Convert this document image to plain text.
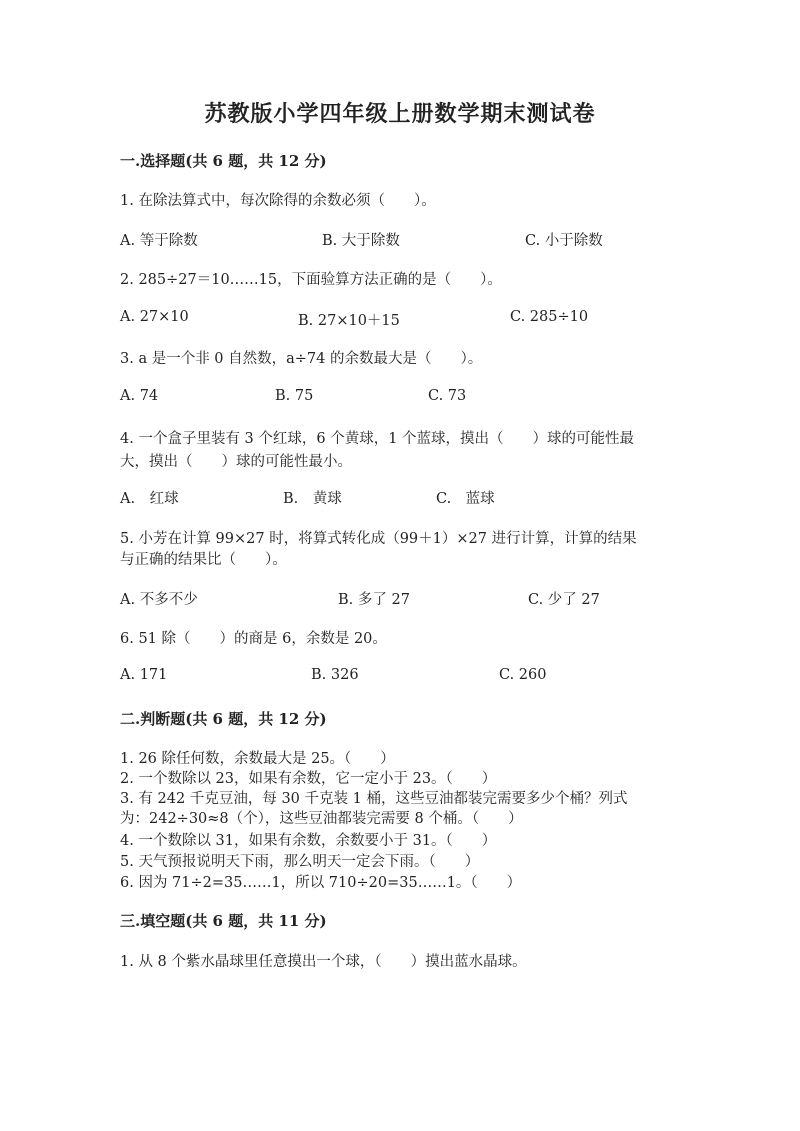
苏教版小学四年级上册数学期末测试卷

一.选择题(共 6 题，共 12 分)

1. 在除法算式中，每次除得的余数必须（　　）。

A. 等于除数	B. 大于除数	C. 小于除数

2. 285÷27＝10……15，下面验算方法正确的是（　　）。

A. 27×10	B. 27×10＋15	C. 285÷10

3. a 是一个非 0 自然数，a÷74 的余数最大是（　　）。

A. 74	B. 75	C. 73

4. 一个盒子里装有 3 个红球，6 个黄球，1 个蓝球，摸出（　　）球的可能性最

大，摸出（　　）球的可能性最小。

A.　红球	B.　黄球	C.　蓝球

5. 小芳在计算 99×27 时，将算式转化成（99＋1）×27 进行计算，计算的结果

与正确的结果比（　　）。

A. 不多不少	B. 多了 27	C. 少了 27

6. 51 除（　　）的商是 6，余数是 20。

A. 171	B. 326	C. 260

二.判断题(共 6 题，共 12 分)

1. 26 除任何数，余数最大是 25。（　　）

2. 一个数除以 23，如果有余数，它一定小于 23。（　　）

3. 有 242 千克豆油，每 30 千克装 1 桶，这些豆油都装完需要多少个桶？列式

为：242÷30≈8（个），这些豆油都装完需要 8 个桶。（　　）

4. 一个数除以 31，如果有余数，余数要小于 31。（　　）

5. 天气预报说明天下雨，那么明天一定会下雨。（　　）

6. 因为 71÷2=35……1，所以 710÷20=35……1。（　　）

三.填空题(共 6 题，共 11 分)

1. 从 8 个紫水晶球里任意摸出一个球，（　　）摸出蓝水晶球。
